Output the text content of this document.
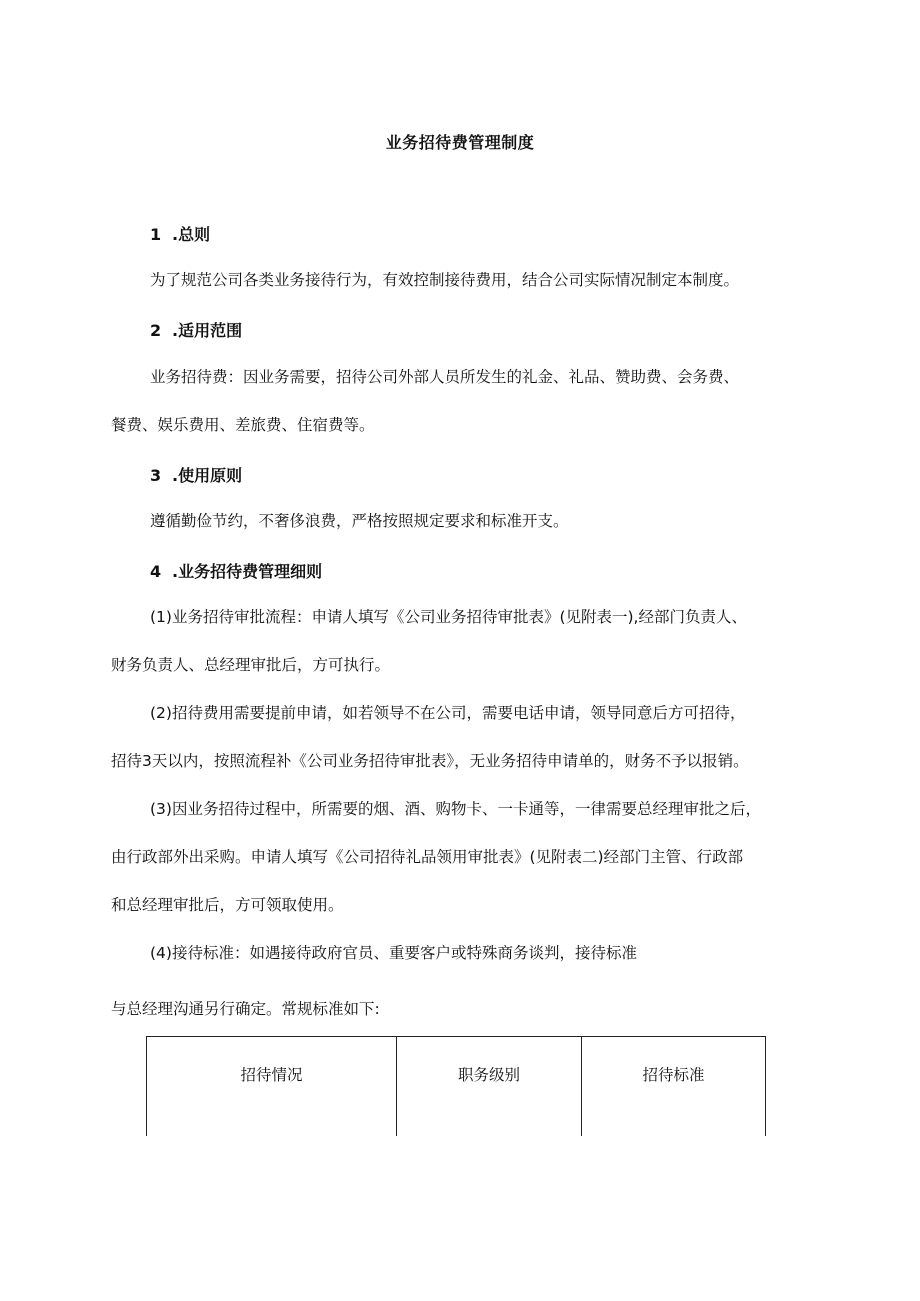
业务招待费管理制度
1 .总则
为了规范公司各类业务接待行为，有效控制接待费用，结合公司实际情况制定本制度。
2 .适用范围
业务招待费：因业务需要，招待公司外部人员所发生的礼金、礼品、赞助费、会务费、
餐费、娱乐费用、差旅费、住宿费等。
3 .使用原则
遵循勤俭节约，不奢侈浪费，严格按照规定要求和标准开支。
4 .业务招待费管理细则
(1)业务招待审批流程：申请人填写《公司业务招待审批表》(见附表一),经部门负责人、
财务负责人、总经理审批后，方可执行。
(2)招待费用需要提前申请，如若领导不在公司，需要电话申请，领导同意后方可招待，
招待3天以内，按照流程补《公司业务招待审批表》，无业务招待申请单的，财务不予以报销。
(3)因业务招待过程中，所需要的烟、酒、购物卡、一卡通等，一律需要总经理审批之后，
由行政部外出采购。申请人填写《公司招待礼品领用审批表》(见附表二)经部门主管、行政部
和总经理审批后，方可领取使用。
(4)接待标准：如遇接待政府官员、重要客户或特殊商务谈判，接待标准
与总经理沟通另行确定。常规标准如下:
招待情况	职务级别	招待标准
